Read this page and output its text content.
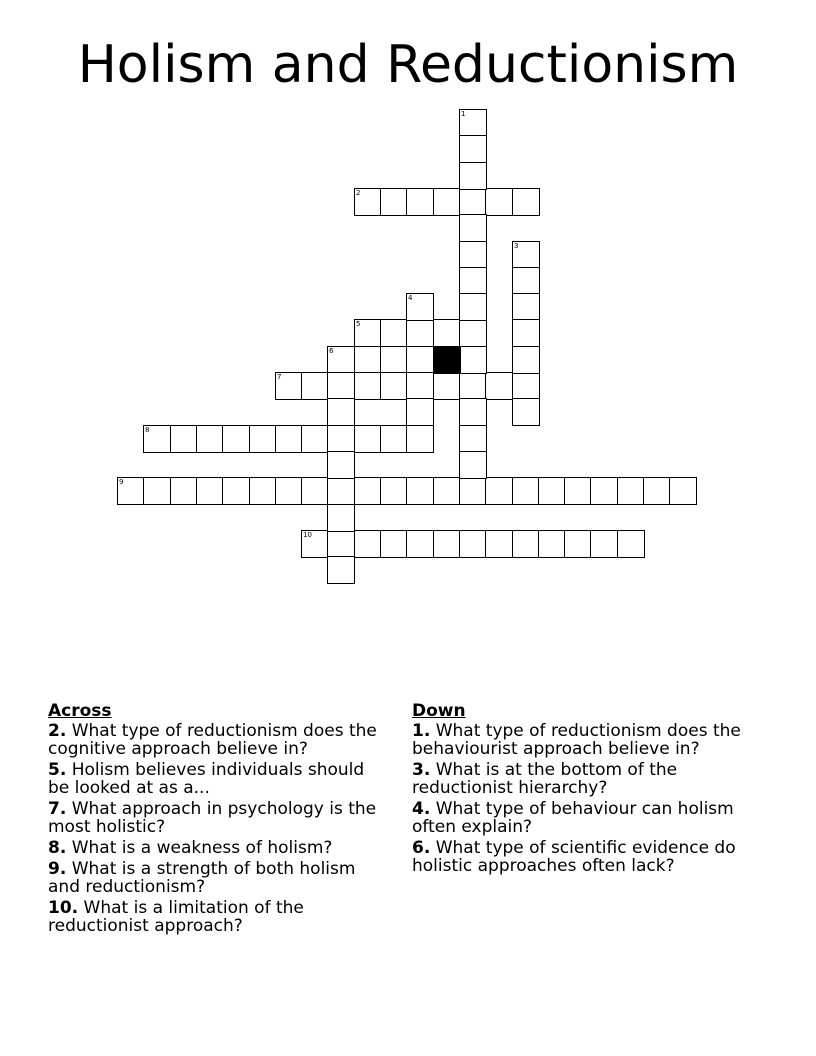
Holism and Reductionism
2
5
6
7
8
9
10
1
3
4

Across

2. What type of reductionism does the cognitive approach believe in?
5. Holism believes individuals should be looked at as a...
7. What approach in psychology is the most holistic?
8. What is a weakness of holism?
9. What is a strength of both holism and reductionism?
10. What is a limitation of the reductionist approach?

Down

1. What type of reductionism does the behaviourist approach believe in?
3. What is at the bottom of the reductionist hierarchy?
4. What type of behaviour can holism often explain?
6. What type of scientific evidence do holistic approaches often lack?
